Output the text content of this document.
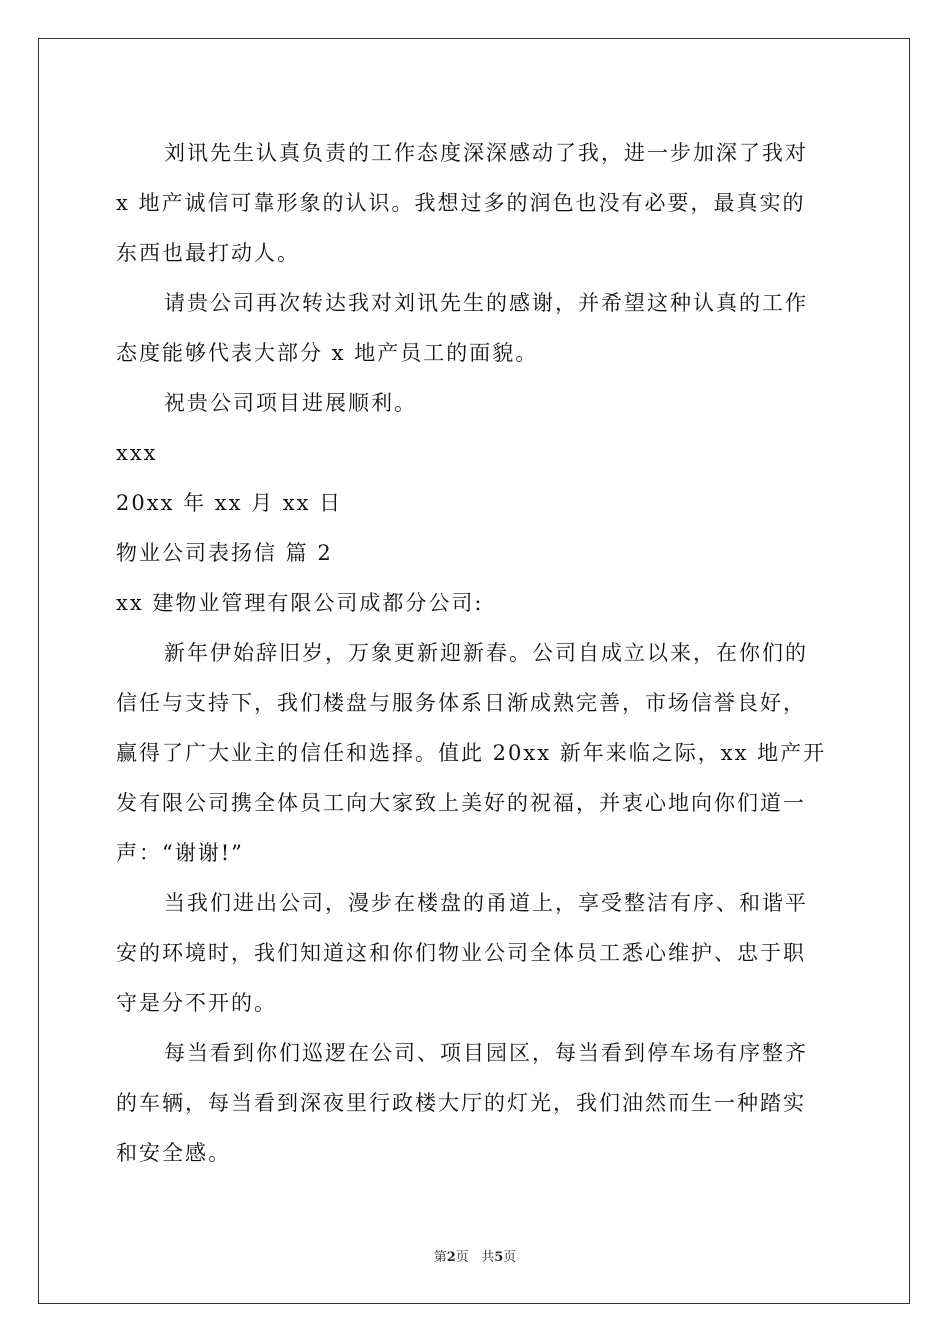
刘讯先生认真负责的工作态度深深感动了我，进一步加深了我对
x 地产诚信可靠形象的认识。我想过多的润色也没有必要，最真实的
东西也最打动人。
请贵公司再次转达我对刘讯先生的感谢，并希望这种认真的工作
态度能够代表大部分 x 地产员工的面貌。
祝贵公司项目进展顺利。
xxx
20xx 年 xx 月 xx 日
物业公司表扬信 篇 2
xx 建物业管理有限公司成都分公司:
新年伊始辞旧岁，万象更新迎新春。公司自成立以来，在你们的
信任与支持下，我们楼盘与服务体系日渐成熟完善，市场信誉良好，
赢得了广大业主的信任和选择。值此 20xx 新年来临之际，xx 地产开
发有限公司携全体员工向大家致上美好的祝福，并衷心地向你们道一
声：“谢谢!”
当我们进出公司，漫步在楼盘的甬道上，享受整洁有序、和谐平
安的环境时，我们知道这和你们物业公司全体员工悉心维护、忠于职
守是分不开的。
每当看到你们巡逻在公司、项目园区，每当看到停车场有序整齐
的车辆，每当看到深夜里行政楼大厅的灯光，我们油然而生一种踏实
和安全感。
第2页 共5页
